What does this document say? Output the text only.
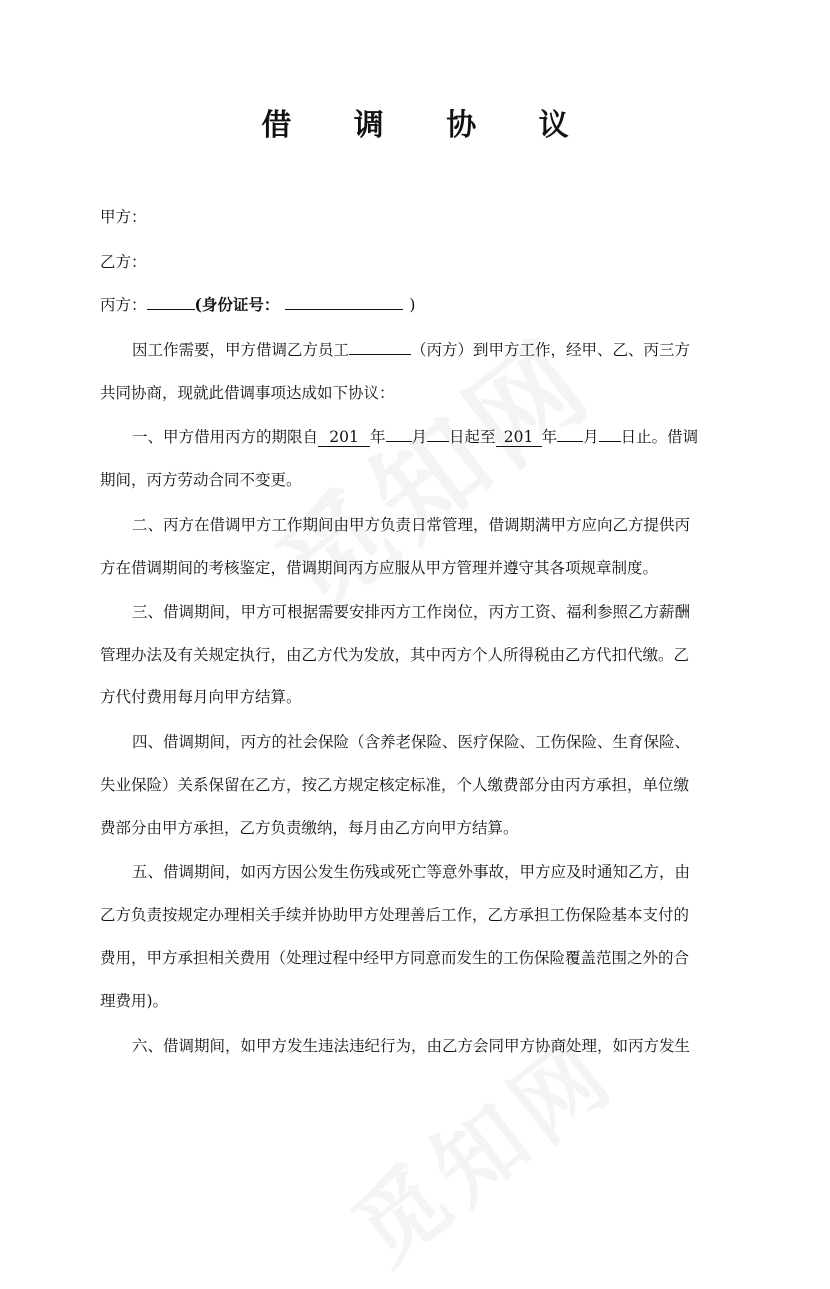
借 调 协 议
甲方：
乙方：
丙方：	(身份证号：	)
因工作需要，甲方借调乙方员工	（丙方）到甲方工作，经甲、乙、丙三方
共同协商，现就此借调事项达成如下协议：
一、甲方借用丙方的期限自 201 年 月 日起至 201 年 月 日止。借调
期间，丙方劳动合同不变更。
二、丙方在借调甲方工作期间由甲方负责日常管理，借调期满甲方应向乙方提供丙
方在借调期间的考核鉴定，借调期间丙方应服从甲方管理并遵守其各项规章制度。
三、借调期间，甲方可根据需要安排丙方工作岗位，丙方工资、福利参照乙方薪酬
管理办法及有关规定执行，由乙方代为发放，其中丙方个人所得税由乙方代扣代缴。乙
方代付费用每月向甲方结算。
四、借调期间，丙方的社会保险（含养老保险、医疗保险、工伤保险、生育保险、
失业保险）关系保留在乙方，按乙方规定核定标准，个人缴费部分由丙方承担，单位缴
费部分由甲方承担，乙方负责缴纳，每月由乙方向甲方结算。
五、借调期间，如丙方因公发生伤残或死亡等意外事故，甲方应及时通知乙方，由
乙方负责按规定办理相关手续并协助甲方处理善后工作，乙方承担工伤保险基本支付的
费用，甲方承担相关费用（处理过程中经甲方同意而发生的工伤保险覆盖范围之外的合
理费用)。
六、借调期间，如甲方发生违法违纪行为，由乙方会同甲方协商处理，如丙方发生
